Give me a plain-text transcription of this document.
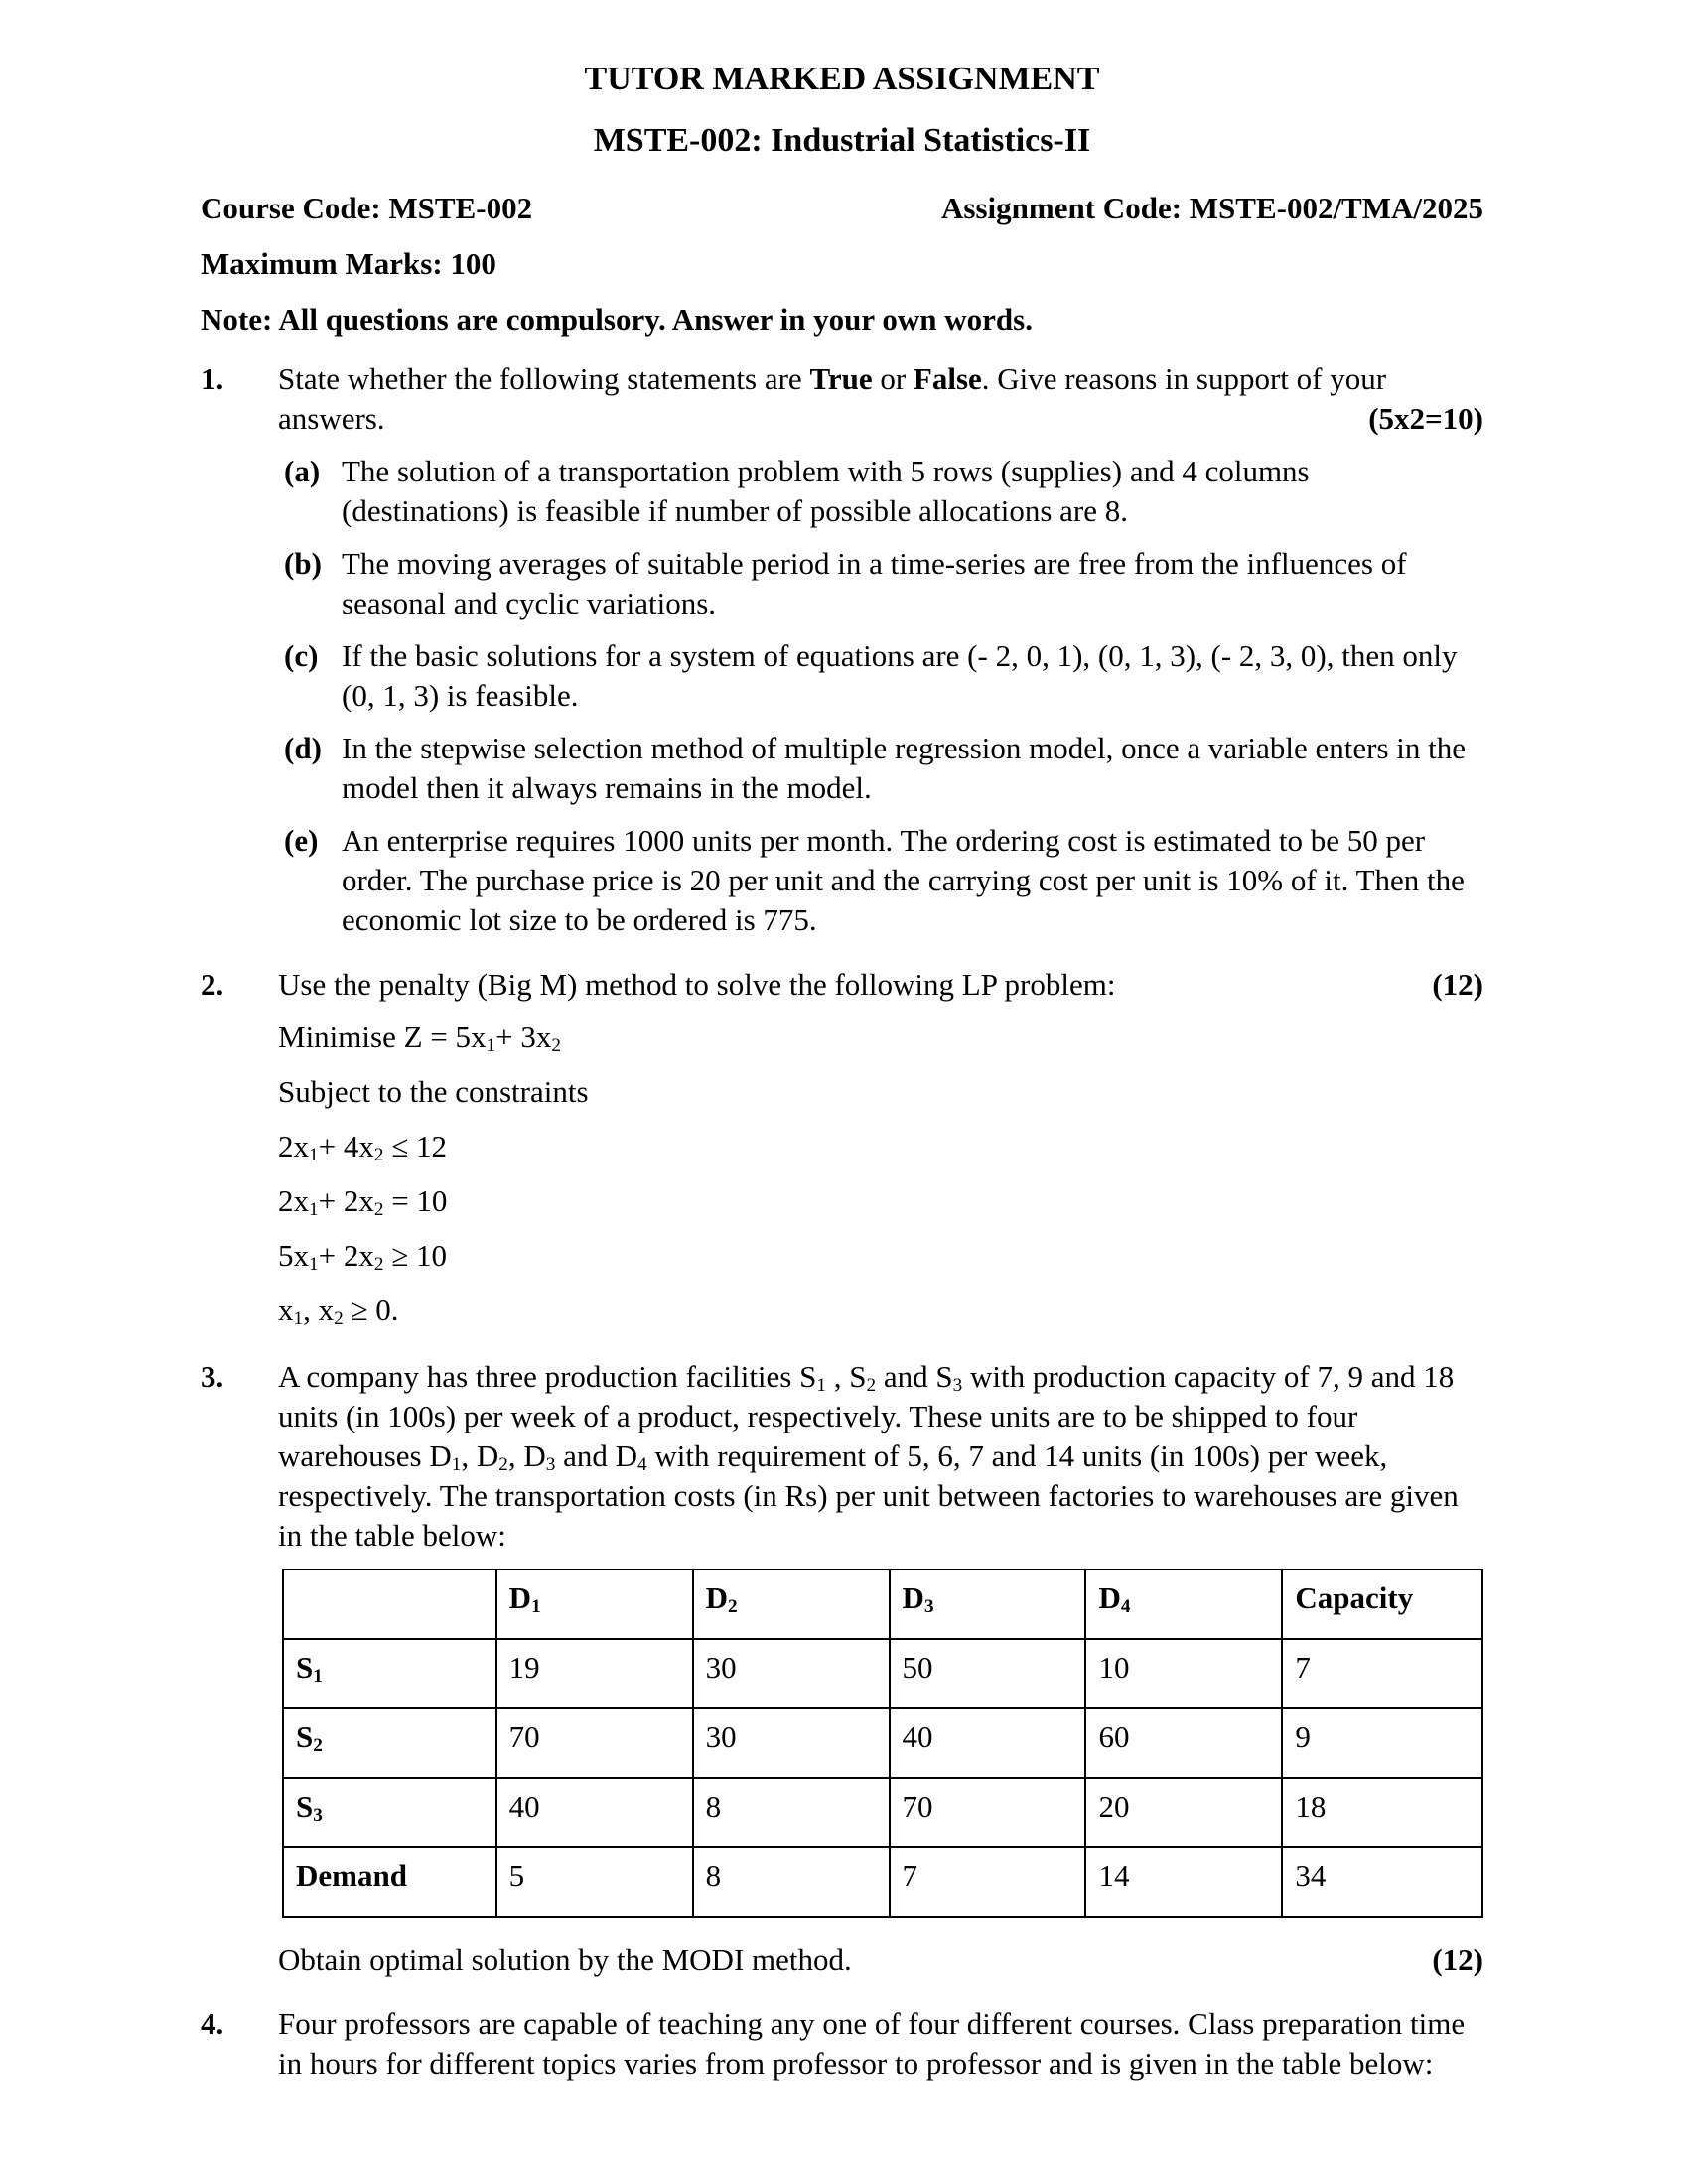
TUTOR MARKED ASSIGNMENT
MSTE-002: Industrial Statistics-II
Course Code: MSTE-002	Assignment Code: MSTE-002/TMA/2025
Maximum Marks: 100
Note: All questions are compulsory. Answer in your own words.
1.	State whether the following statements are True or False. Give reasons in support of your answers.	(5x2=10)
(a) The solution of a transportation problem with 5 rows (supplies) and 4 columns (destinations) is feasible if number of possible allocations are 8.
(b) The moving averages of suitable period in a time-series are free from the influences of seasonal and cyclic variations.
(c) If the basic solutions for a system of equations are (- 2, 0, 1), (0, 1, 3), (- 2, 3, 0), then only (0, 1, 3) is feasible.
(d) In the stepwise selection method of multiple regression model, once a variable enters in the model then it always remains in the model.
(e) An enterprise requires 1000 units per month. The ordering cost is estimated to be 50 per order. The purchase price is 20 per unit and the carrying cost per unit is 10% of it. Then the economic lot size to be ordered is 775.
2.	Use the penalty (Big M) method to solve the following LP problem:	(12)
Minimise $Z = 5x_1+ 3x_2$
Subject to the constraints
$2x_1+ 4x_2 \le 12$
$2x_1+ 2x_2 = 10$
$5x_1+ 2x_2 \ge 10$
$x_1$, $x_2 \ge 0$.
3.	A company has three production facilities $S_1$ , $S_2$ and $S_3$ with production capacity of 7, 9 and 18 units (in 100s) per week of a product, respectively. These units are to be shipped to four warehouses $D_1$, $D_2$, $D_3$ and $D_4$ with requirement of 5, 6, 7 and 14 units (in 100s) per week, respectively. The transportation costs (in Rs) per unit between factories to warehouses are given in the table below:
	$D_1$	$D_2$	$D_3$	$D_4$	Capacity
$S_1$	19	30	50	10	7
$S_2$	70	30	40	60	9
$S_3$	40	8	70	20	18
Demand	5	8	7	14	34
Obtain optimal solution by the MODI method.	(12)
4.	Four professors are capable of teaching any one of four different courses. Class preparation time in hours for different topics varies from professor to professor and is given in the table below:
